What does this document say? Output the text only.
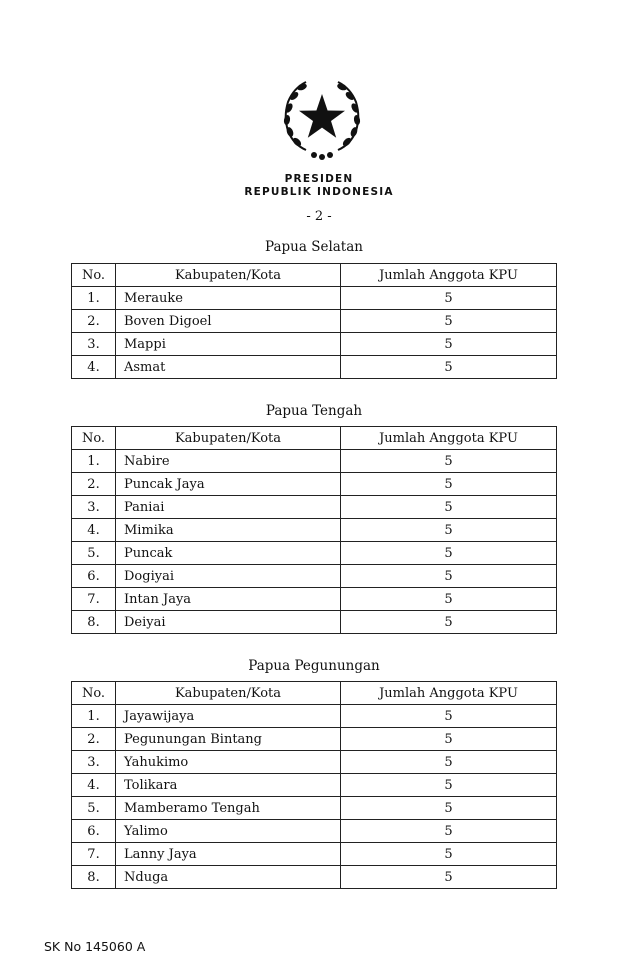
PRESIDEN
REPUBLIK INDONESIA
- 2 -
Papua Selatan
No.	Kabupaten/Kota	Jumlah Anggota KPU
1.	Merauke	5
2.	Boven Digoel	5
3.	Mappi	5
4.	Asmat	5
Papua Tengah
No.	Kabupaten/Kota	Jumlah Anggota KPU
1.	Nabire	5
2.	Puncak Jaya	5
3.	Paniai	5
4.	Mimika	5
5.	Puncak	5
6.	Dogiyai	5
7.	Intan Jaya	5
8.	Deiyai	5
Papua Pegunungan
No.	Kabupaten/Kota	Jumlah Anggota KPU
1.	Jayawijaya	5
2.	Pegunungan Bintang	5
3.	Yahukimo	5
4.	Tolikara	5
5.	Mamberamo Tengah	5
6.	Yalimo	5
7.	Lanny Jaya	5
8.	Nduga	5
SK No 145060 A
